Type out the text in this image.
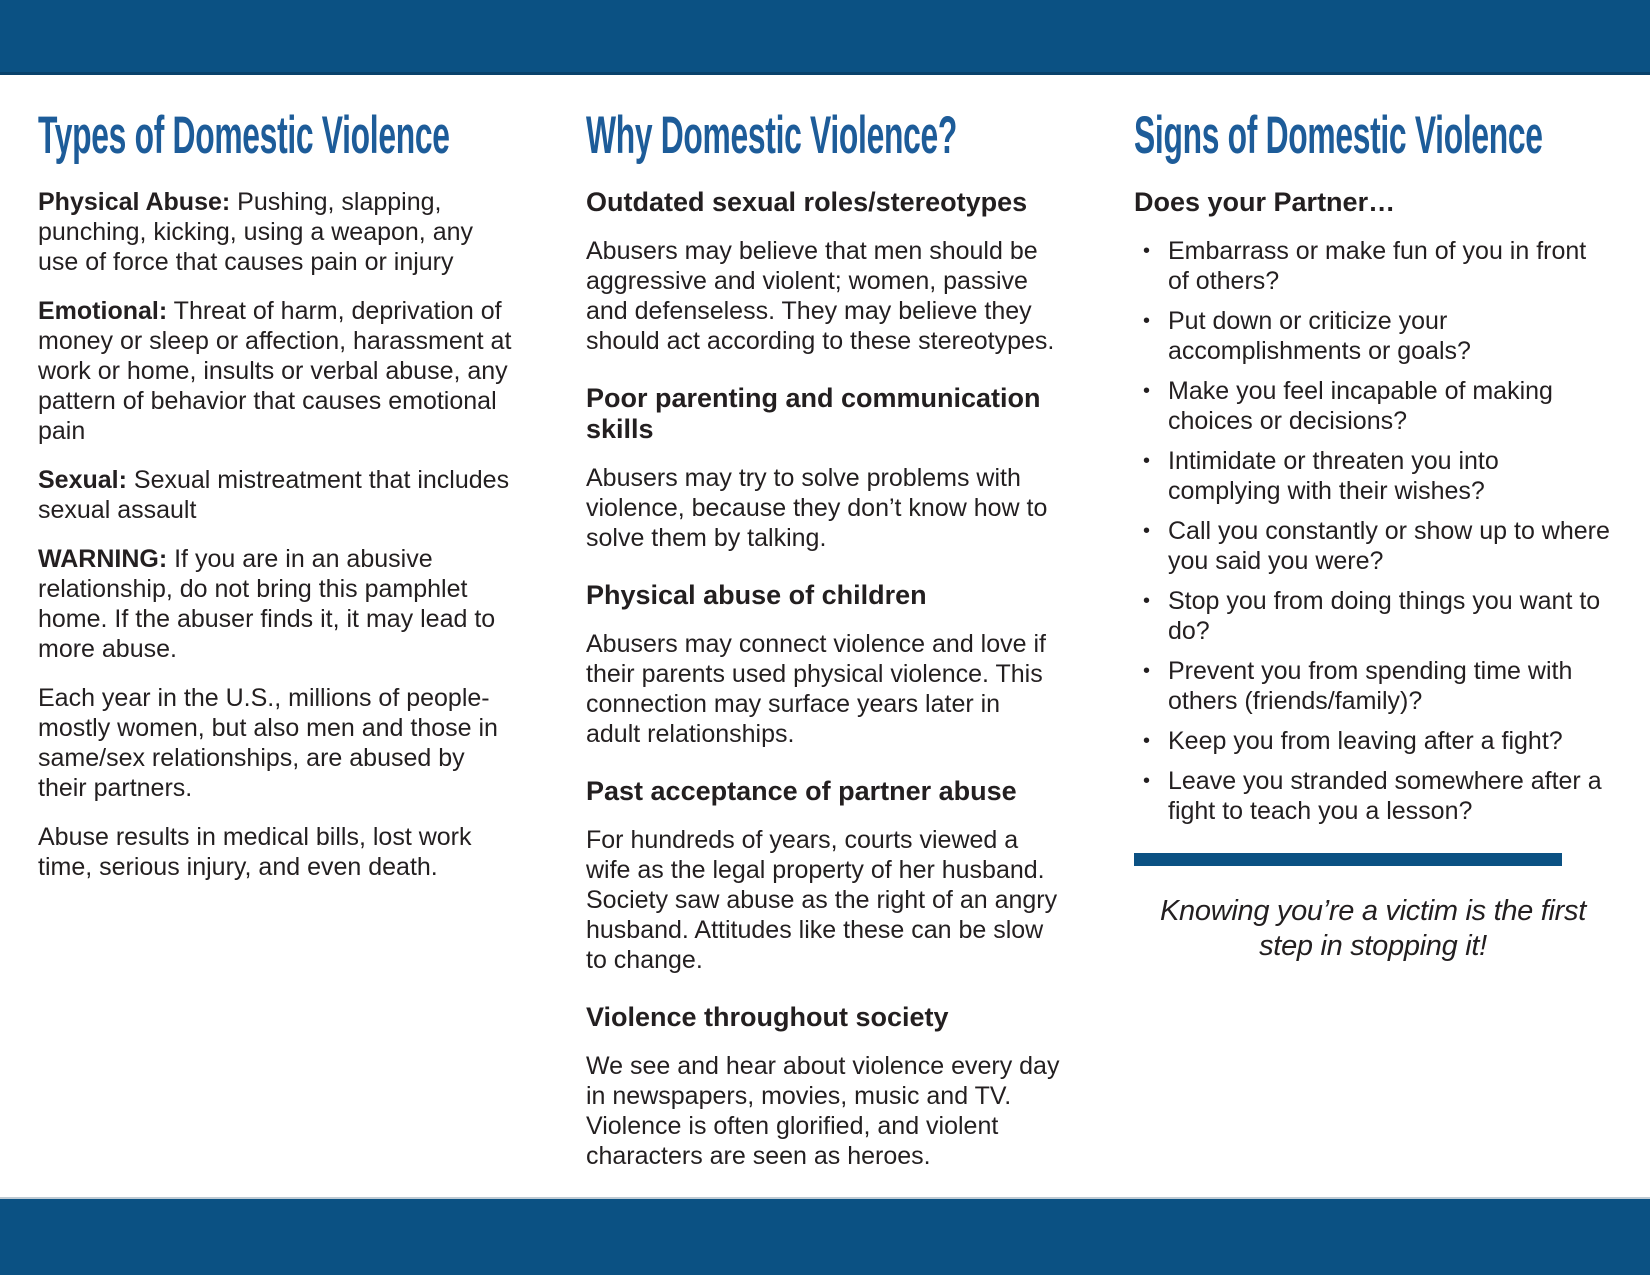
Types of Domestic Violence

Physical Abuse: Pushing, slapping, punching, kicking, using a weapon, any use of force that causes pain or injury

Emotional: Threat of harm, deprivation of money or sleep or affection, harassment at work or home, insults or verbal abuse, any pattern of behavior that causes emotional pain

Sexual: Sexual mistreatment that includes sexual assault

WARNING: If you are in an abusive relationship, do not bring this pamphlet home. If the abuser finds it, it may lead to more abuse.

Each year in the U.S., millions of people-mostly women, but also men and those in same/sex relationships, are abused by their partners.

Abuse results in medical bills, lost work time, serious injury, and even death.

Why Domestic Violence?
Outdated sexual roles/stereotypes

Abusers may believe that men should be aggressive and violent; women, passive and defenseless. They may believe they should act according to these stereotypes.

Poor parenting and communication skills

Abusers may try to solve problems with violence, because they don’t know how to solve them by talking.

Physical abuse of children

Abusers may connect violence and love if their parents used physical violence. This connection may surface years later in adult relationships.

Past acceptance of partner abuse

For hundreds of years, courts viewed a wife as the legal property of her husband. Society saw abuse as the right of an angry husband. Attitudes like these can be slow to change.

Violence throughout society

We see and hear about violence every day in newspapers, movies, music and TV. Violence is often glorified, and violent characters are seen as heroes.

Signs of Domestic Violence
Does your Partner…
• Embarrass or make fun of you in front of others?
• Put down or criticize your accomplishments or goals?
• Make you feel incapable of making choices or decisions?
• Intimidate or threaten you into complying with their wishes?
• Call you constantly or show up to where you said you were?
• Stop you from doing things you want to do?
• Prevent you from spending time with others (friends/family)?
• Keep you from leaving after a fight?
• Leave you stranded somewhere after a fight to teach you a lesson?

Knowing you’re a victim is the first step in stopping it!
